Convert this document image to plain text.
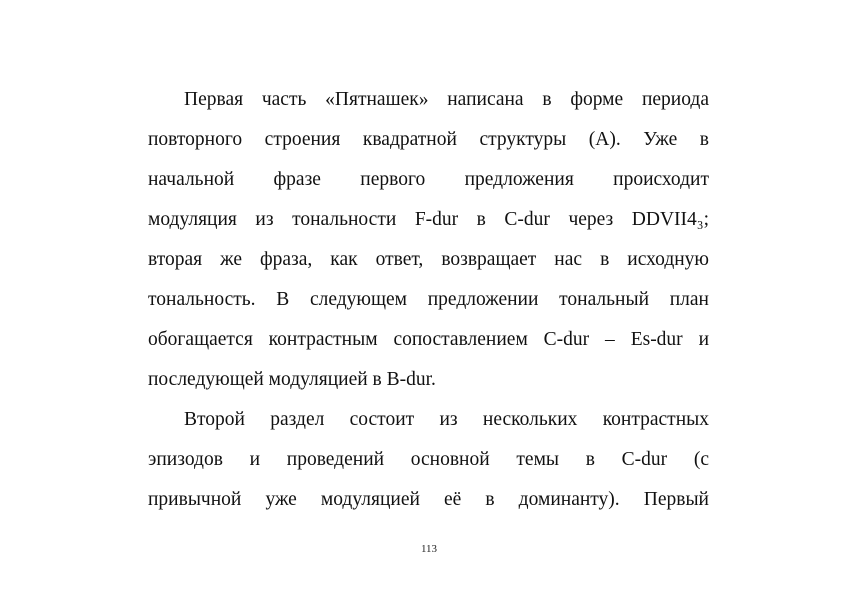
Первая часть «Пятнашек» написана в форме периода
повторного строения квадратной структуры (А). Уже в
начальной фразе первого предложения происходит
модуляция из тональности F-dur в C-dur через DDVII4₃;
вторая же фраза, как ответ, возвращает нас в исходную
тональность. В следующем предложении тональный план
обогащается контрастным сопоставлением C-dur – Es-dur и
последующей модуляцией в B-dur.
Второй раздел состоит из нескольких контрастных
эпизодов и проведений основной темы в C-dur (с
привычной уже модуляцией её в доминанту). Первый
113
